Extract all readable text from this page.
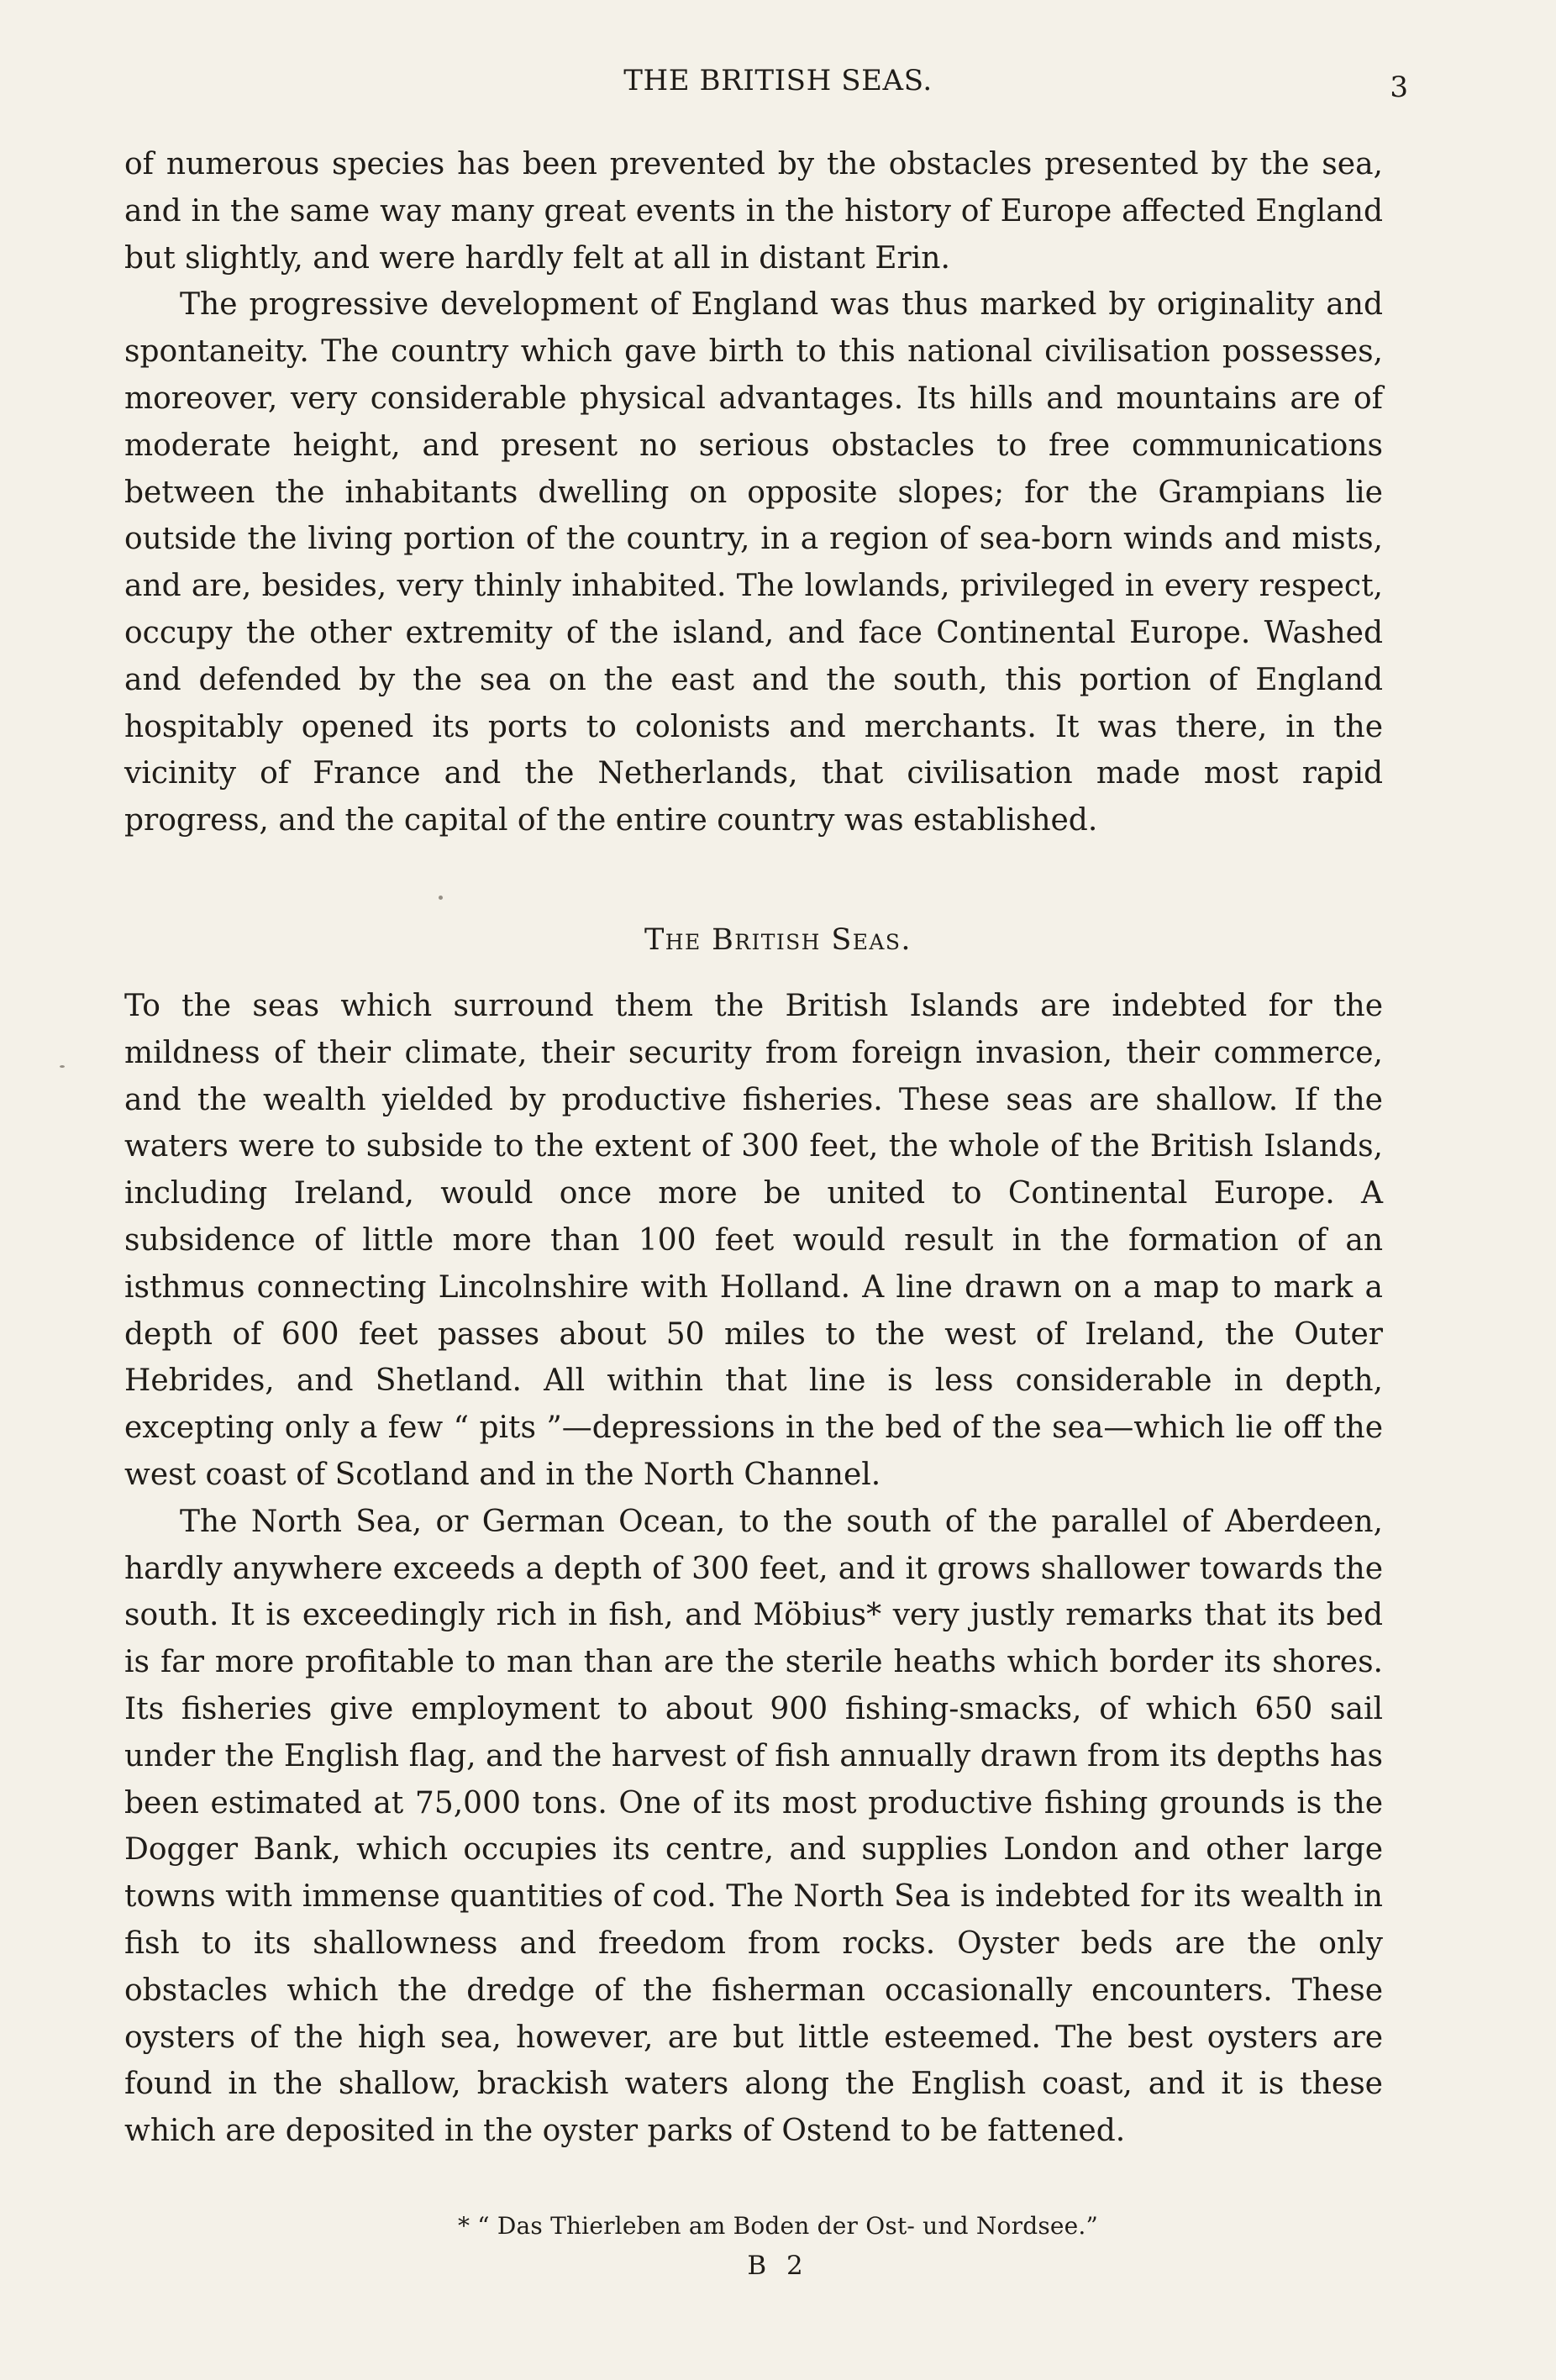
THE BRITISH SEAS.	3

of numerous species has been prevented by the obstacles presented by the sea, and in the same way many great events in the history of Europe affected England but slightly, and were hardly felt at all in distant Erin.

The progressive development of England was thus marked by originality and spontaneity. The country which gave birth to this national civilisation possesses, moreover, very considerable physical advantages. Its hills and mountains are of moderate height, and present no serious obstacles to free communications between the inhabitants dwelling on opposite slopes; for the Grampians lie outside the living portion of the country, in a region of sea-born winds and mists, and are, besides, very thinly inhabited. The lowlands, privileged in every respect, occupy the other extremity of the island, and face Continental Europe. Washed and defended by the sea on the east and the south, this portion of England hospitably opened its ports to colonists and merchants. It was there, in the vicinity of France and the Netherlands, that civilisation made most rapid progress, and the capital of the entire country was established.

The British Seas.

To the seas which surround them the British Islands are indebted for the mildness of their climate, their security from foreign invasion, their commerce, and the wealth yielded by productive fisheries. These seas are shallow. If the waters were to subside to the extent of 300 feet, the whole of the British Islands, including Ireland, would once more be united to Continental Europe. A subsidence of little more than 100 feet would result in the formation of an isthmus connecting Lincolnshire with Holland. A line drawn on a map to mark a depth of 600 feet passes about 50 miles to the west of Ireland, the Outer Hebrides, and Shetland. All within that line is less considerable in depth, excepting only a few “ pits ”—depressions in the bed of the sea—which lie off the west coast of Scotland and in the North Channel.

The North Sea, or German Ocean, to the south of the parallel of Aberdeen, hardly anywhere exceeds a depth of 300 feet, and it grows shallower towards the south. It is exceedingly rich in fish, and Möbius* very justly remarks that its bed is far more profitable to man than are the sterile heaths which border its shores. Its fisheries give employment to about 900 fishing-smacks, of which 650 sail under the English flag, and the harvest of fish annually drawn from its depths has been estimated at 75,000 tons. One of its most productive fishing grounds is the Dogger Bank, which occupies its centre, and supplies London and other large towns with immense quantities of cod. The North Sea is indebted for its wealth in fish to its shallowness and freedom from rocks. Oyster beds are the only obstacles which the dredge of the fisherman occasionally encounters. These oysters of the high sea, however, are but little esteemed. The best oysters are found in the shallow, brackish waters along the English coast, and it is these which are deposited in the oyster parks of Ostend to be fattened.

* “ Das Thierleben am Boden der Ost- und Nordsee.”
B 2
